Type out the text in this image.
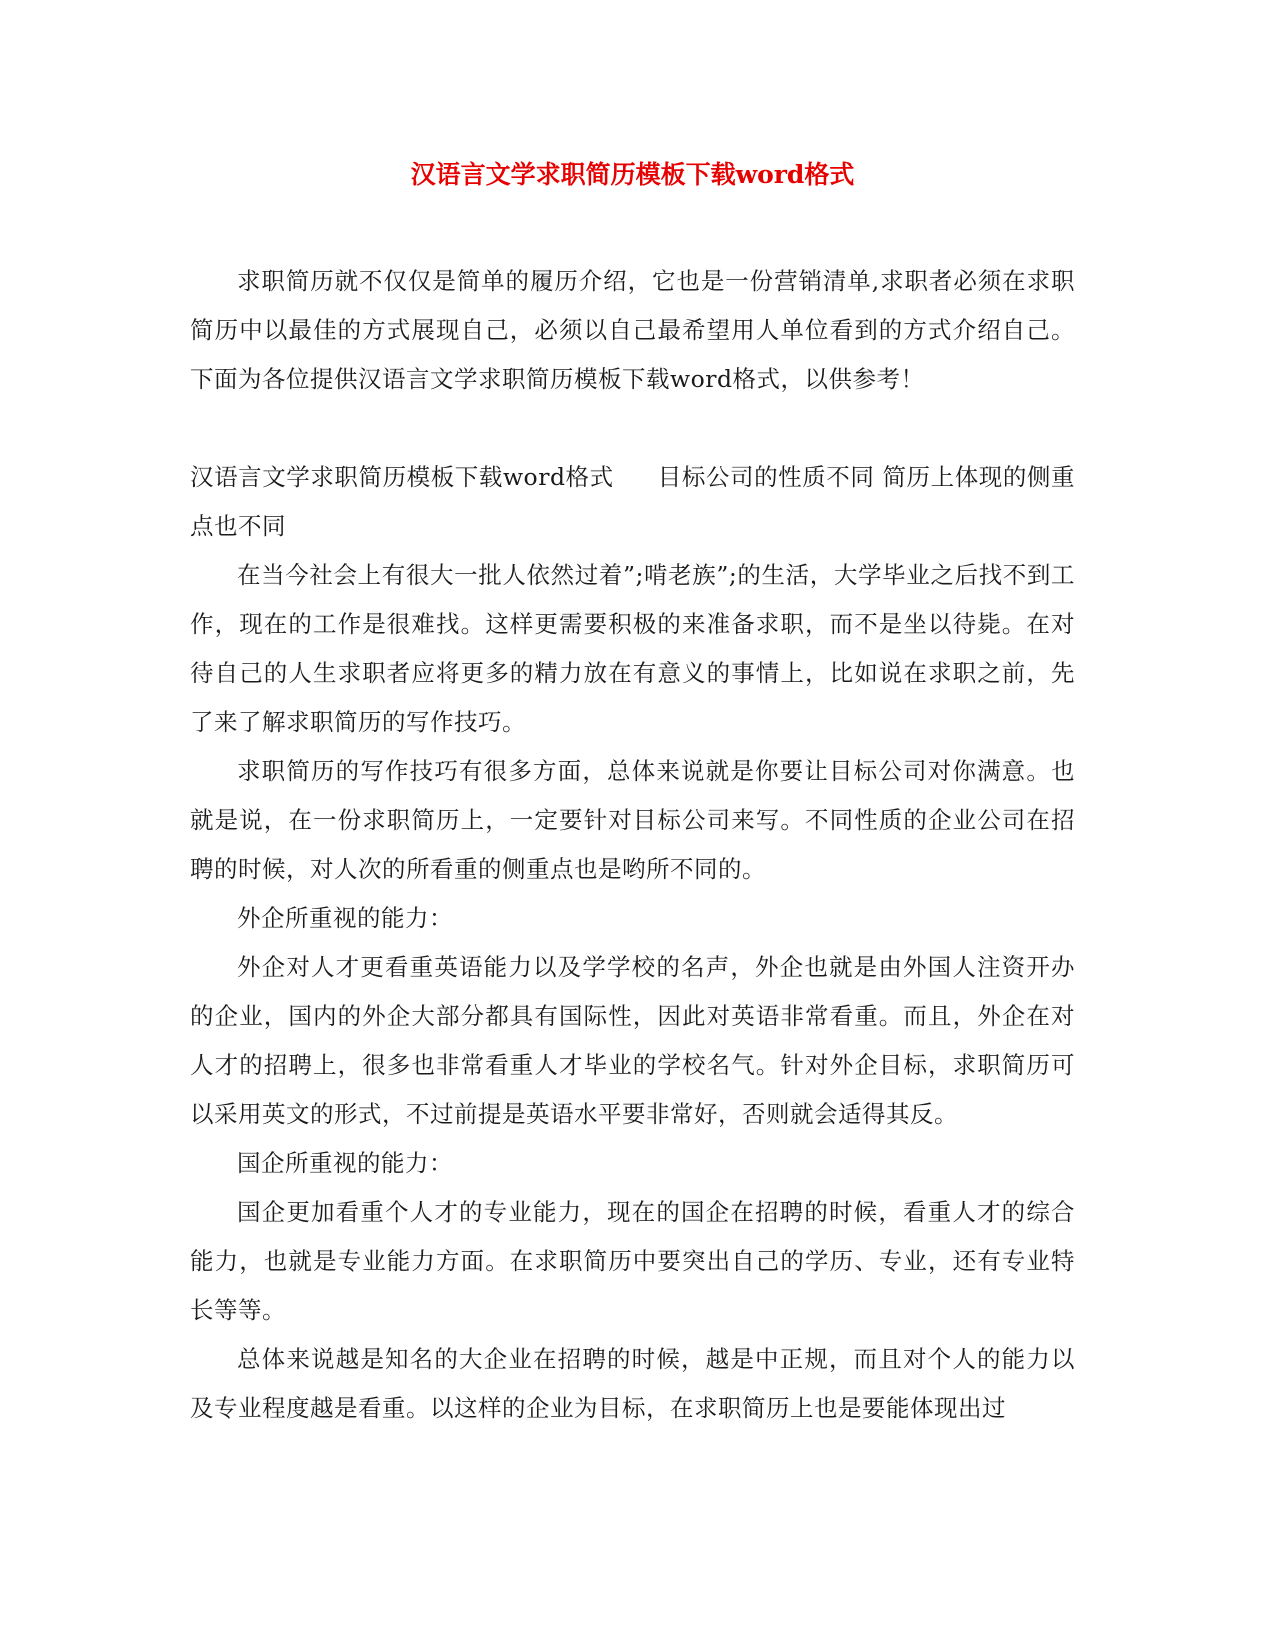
汉语言文学求职简历模板下载word格式

求职简历就不仅仅是简单的履历介绍，它也是一份营销清单,求职者必须在求职简历中以最佳的方式展现自己，必须以自己最希望用人单位看到的方式介绍自己。下面为各位提供汉语言文学求职简历模板下载word格式，以供参考！

汉语言文学求职简历模板下载word格式 目标公司的性质不同 简历上体现的侧重点也不同

在当今社会上有很大一批人依然过着”;啃老族”;的生活，大学毕业之后找不到工作，现在的工作是很难找。这样更需要积极的来准备求职，而不是坐以待毙。在对待自己的人生求职者应将更多的精力放在有意义的事情上，比如说在求职之前，先了来了解求职简历的写作技巧。

求职简历的写作技巧有很多方面，总体来说就是你要让目标公司对你满意。也就是说，在一份求职简历上，一定要针对目标公司来写。不同性质的企业公司在招聘的时候，对人次的所看重的侧重点也是哟所不同的。

外企所重视的能力：

外企对人才更看重英语能力以及学学校的名声，外企也就是由外国人注资开办的企业，国内的外企大部分都具有国际性，因此对英语非常看重。而且，外企在对人才的招聘上，很多也非常看重人才毕业的学校名气。针对外企目标，求职简历可以采用英文的形式，不过前提是英语水平要非常好，否则就会适得其反。

国企所重视的能力：

国企更加看重个人才的专业能力，现在的国企在招聘的时候，看重人才的综合能力，也就是专业能力方面。在求职简历中要突出自己的学历、专业，还有专业特长等等。

总体来说越是知名的大企业在招聘的时候，越是中正规，而且对个人的能力以及专业程度越是看重。以这样的企业为目标，在求职简历上也是要能体现出过
